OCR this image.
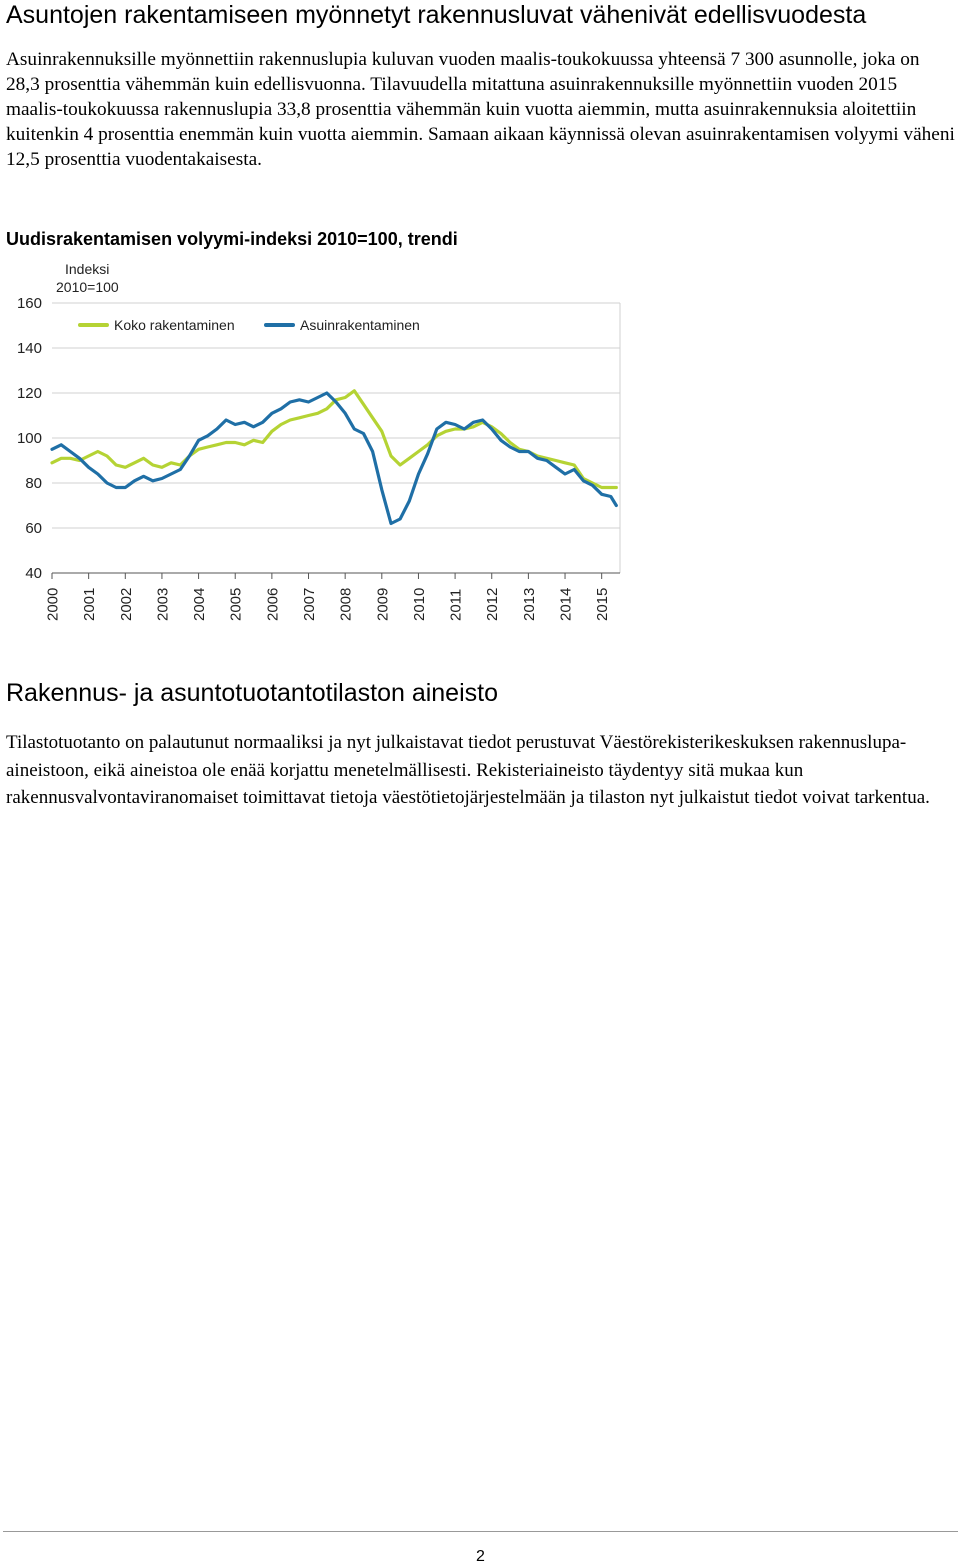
Asuntojen rakentamiseen myönnetyt rakennusluvat vähenivät edellisvuodesta
Asuinrakennuksille myönnettiin rakennuslupia kuluvan vuoden maalis-toukokuussa yhteensä 7 300 asunnolle, joka on 28,3 prosenttia vähemmän kuin edellisvuonna. Tilavuudella mitattuna asuinrakennuksille myönnettiin vuoden 2015 maalis-toukokuussa rakennuslupia 33,8 prosenttia vähemmän kuin vuotta aiemmin, mutta asuinrakennuksia aloitettiin kuitenkin 4 prosenttia enemmän kuin vuotta aiemmin. Samaan aikaan käynnissä olevan asuinrakentamisen volyymi väheni 12,5 prosenttia vuodentakaisesta.
Uudisrakentamisen volyymi-indeksi 2010=100, trendi
40
60
80
100
120
140
160
2000 2001 2002 2003 2004 2005 2006 2007 2008 2009 2010 2011 2012 2013 2014 2015
Indeksi
2010=100
Koko rakentaminen	Asuinrakentaminen
Rakennus- ja asuntotuotantotilaston aineisto
Tilastotuotanto on palautunut normaaliksi ja nyt julkaistavat tiedot perustuvat Väestörekisterikeskuksen rakennuslupa-aineistoon, eikä aineistoa ole enää korjattu menetelmällisesti. Rekisteriaineisto täydentyy sitä mukaa kun rakennusvalvontaviranomaiset toimittavat tietoja väestötietojärjestelmään ja tilaston nyt julkaistut tiedot voivat tarkentua.
2
